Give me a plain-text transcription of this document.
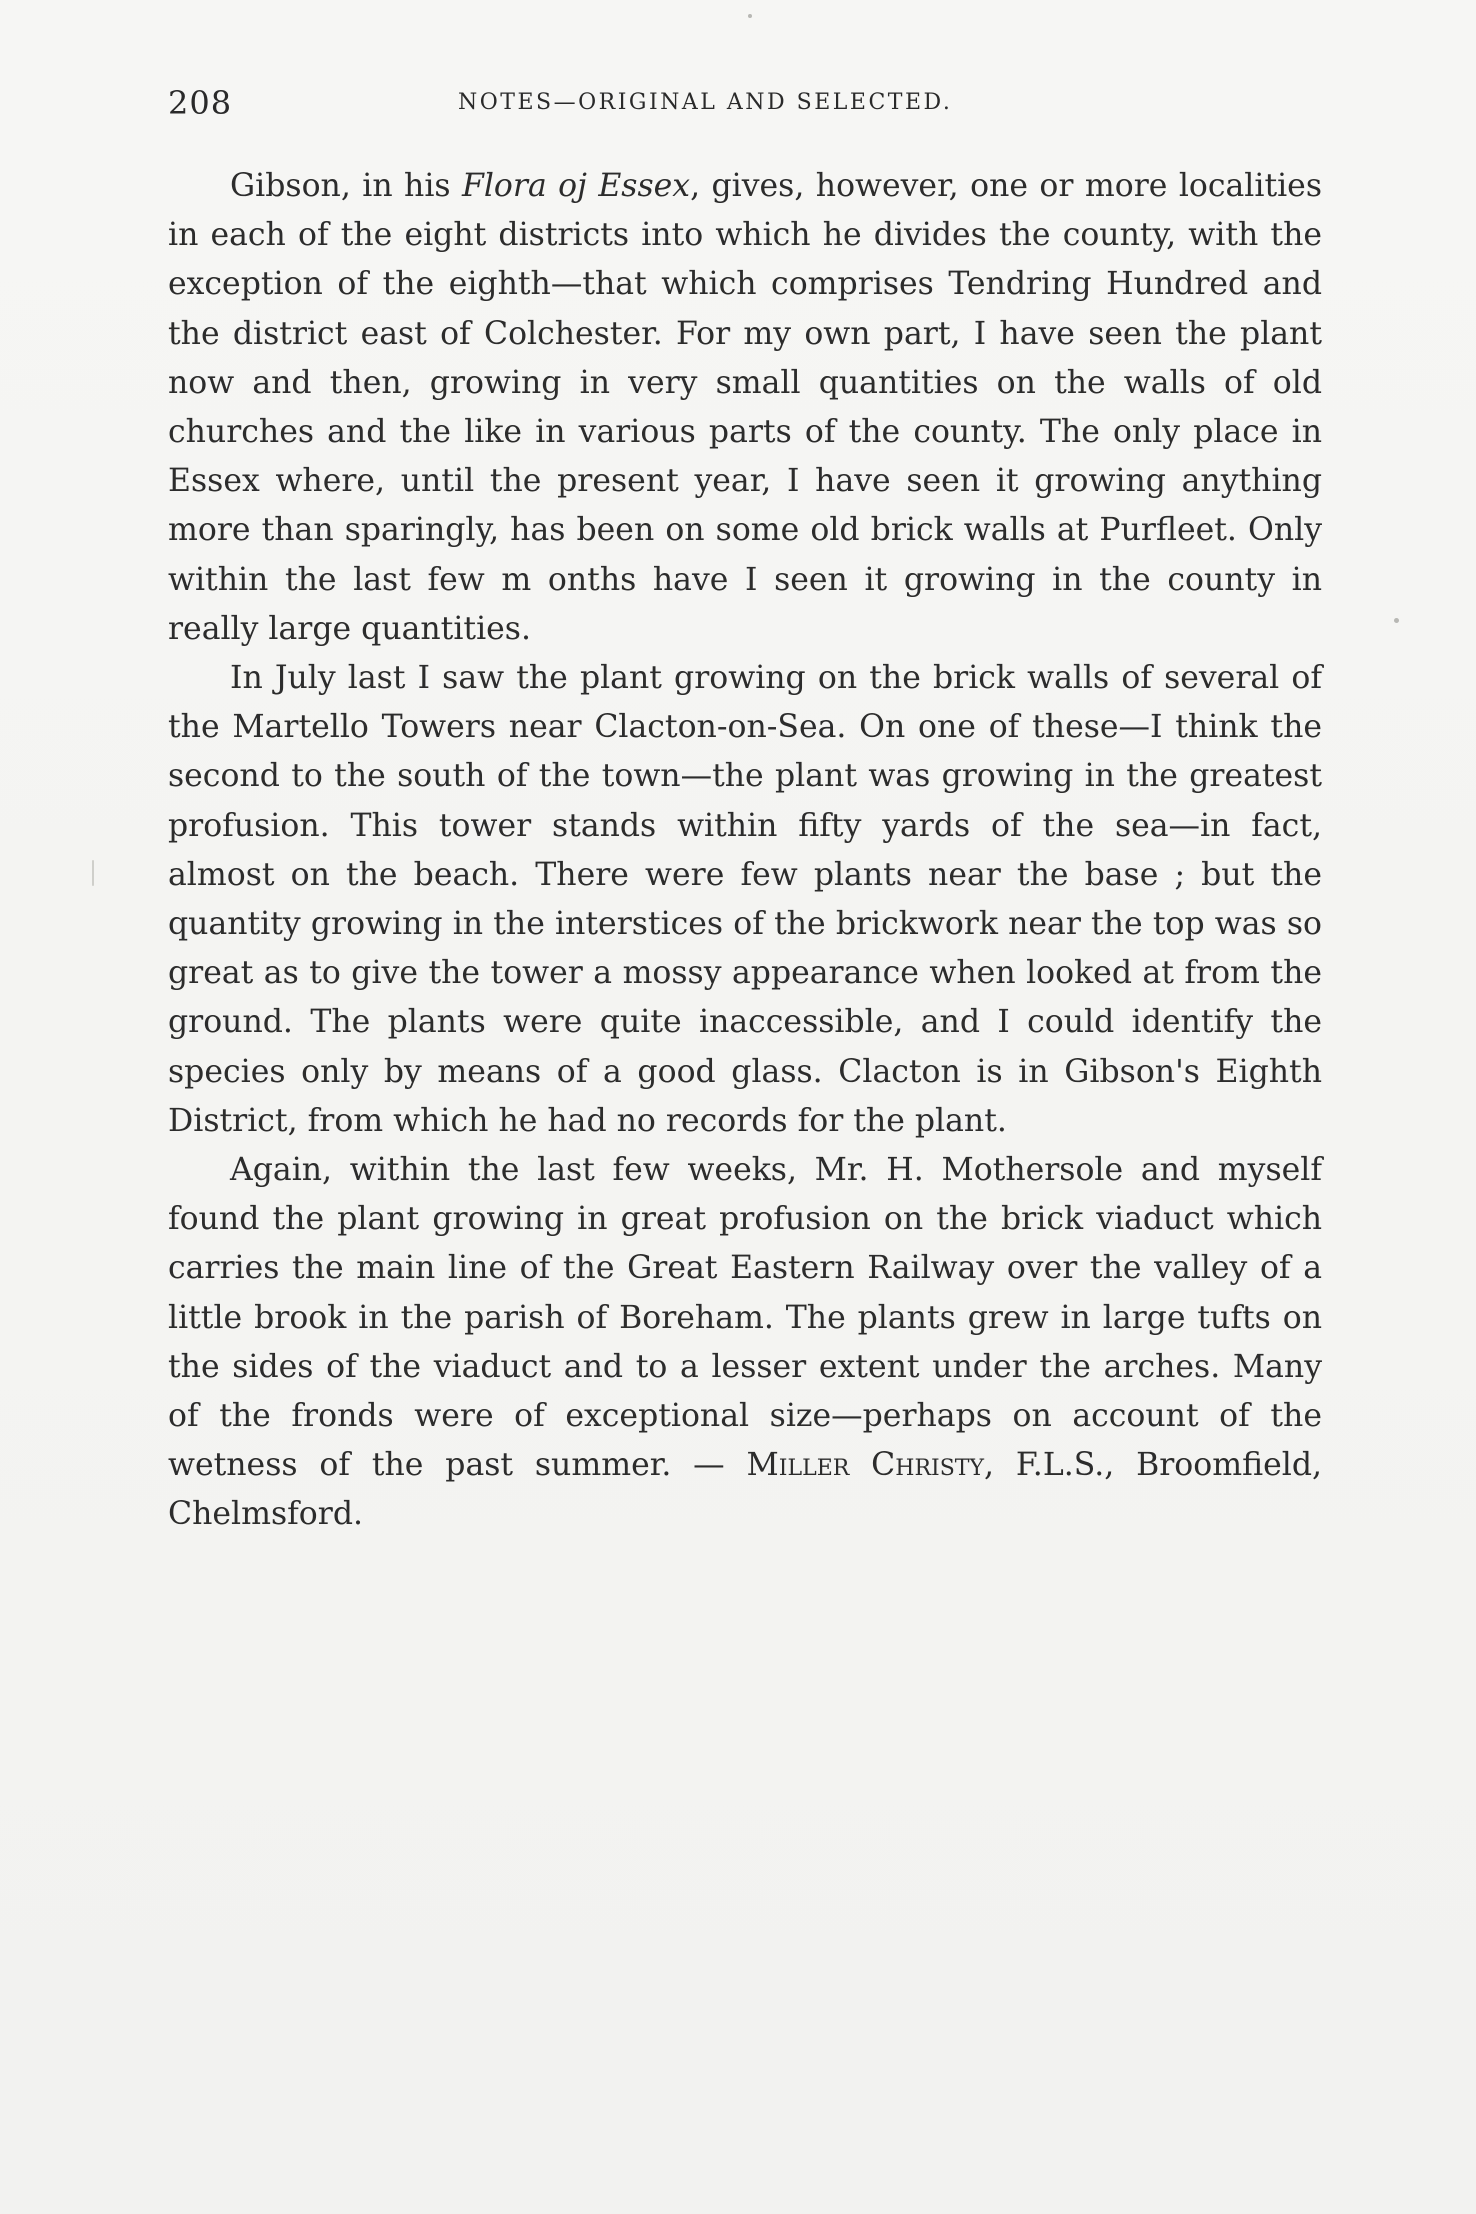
208	NOTES—ORIGINAL AND SELECTED.

Gibson, in his Flora oj Essex, gives, however, one or more localities in each of the eight districts into which he divides the county, with the exception of the eighth—that which comprises Tendring Hundred and the district east of Colchester. For my own part, I have seen the plant now and then, growing in very small quantities on the walls of old churches and the like in various parts of the county. The only place in Essex where, until the present year, I have seen it growing anything more than sparingly, has been on some old brick walls at Purfleet. Only within the last few m onths have I seen it growing in the county in really large quantities.

In July last I saw the plant growing on the brick walls of several of the Martello Towers near Clacton-on-Sea. On one of these—I think the second to the south of the town—the plant was growing in the greatest profusion. This tower stands within fifty yards of the sea—in fact, almost on the beach. There were few plants near the base ; but the quantity growing in the interstices of the brickwork near the top was so great as to give the tower a mossy appearance when looked at from the ground. The plants were quite inaccessible, and I could identify the species only by means of a good glass. Clacton is in Gibson's Eighth District, from which he had no records for the plant.

Again, within the last few weeks, Mr. H. Mothersole and myself found the plant growing in great profusion on the brick viaduct which carries the main line of the Great Eastern Railway over the valley of a little brook in the parish of Boreham. The plants grew in large tufts on the sides of the viaduct and to a lesser extent under the arches. Many of the fronds were of exceptional size—perhaps on account of the wetness of the past summer. — Miller Christy, F.L.S., Broomfield, Chelmsford.
